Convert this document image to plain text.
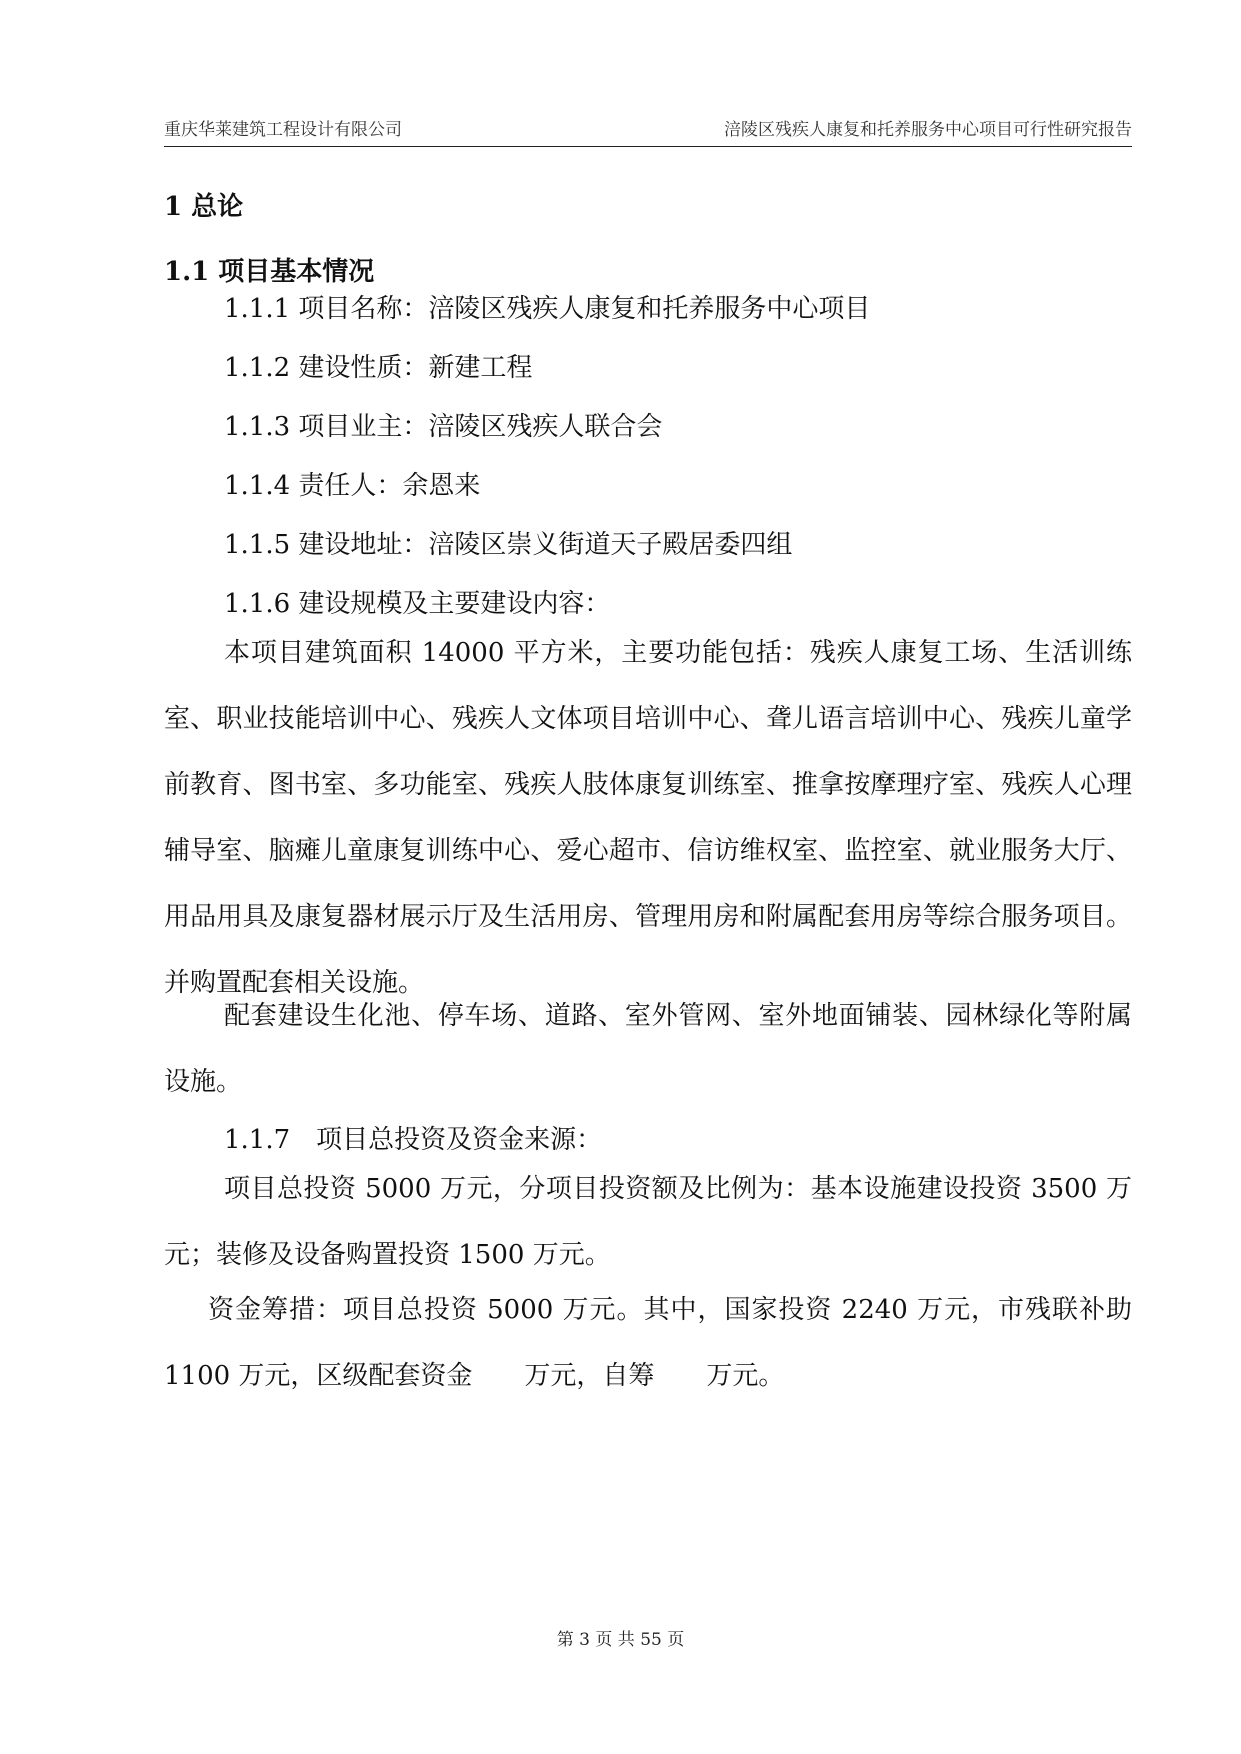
重庆华莱建筑工程设计有限公司	涪陵区残疾人康复和托养服务中心项目可行性研究报告
1 总论
1.1 项目基本情况

1.1.1 项目名称：涪陵区残疾人康复和托养服务中心项目

1.1.2 建设性质：新建工程

1.1.3 项目业主：涪陵区残疾人联合会

1.1.4 责任人：余恩来

1.1.5 建设地址：涪陵区崇义街道天子殿居委四组

1.1.6 建设规模及主要建设内容：

本项目建筑面积 14000 平方米，主要功能包括：残疾人康复工场、生活训练室、职业技能培训中心、残疾人文体项目培训中心、聋儿语言培训中心、残疾儿童学前教育、图书室、多功能室、残疾人肢体康复训练室、推拿按摩理疗室、残疾人心理辅导室、脑瘫儿童康复训练中心、爱心超市、信访维权室、监控室、就业服务大厅、用品用具及康复器材展示厅及生活用房、管理用房和附属配套用房等综合服务项目。并购置配套相关设施。

配套建设生化池、停车场、道路、室外管网、室外地面铺装、园林绿化等附属设施。

1.1.7　项目总投资及资金来源：

项目总投资 5000 万元，分项目投资额及比例为：基本设施建设投资 3500 万元；装修及设备购置投资 1500 万元。

资金筹措：项目总投资 5000 万元。其中，国家投资 2240 万元，市残联补助 1100 万元，区级配套资金　　万元，自筹　　万元。

第 3 页 共 55 页
